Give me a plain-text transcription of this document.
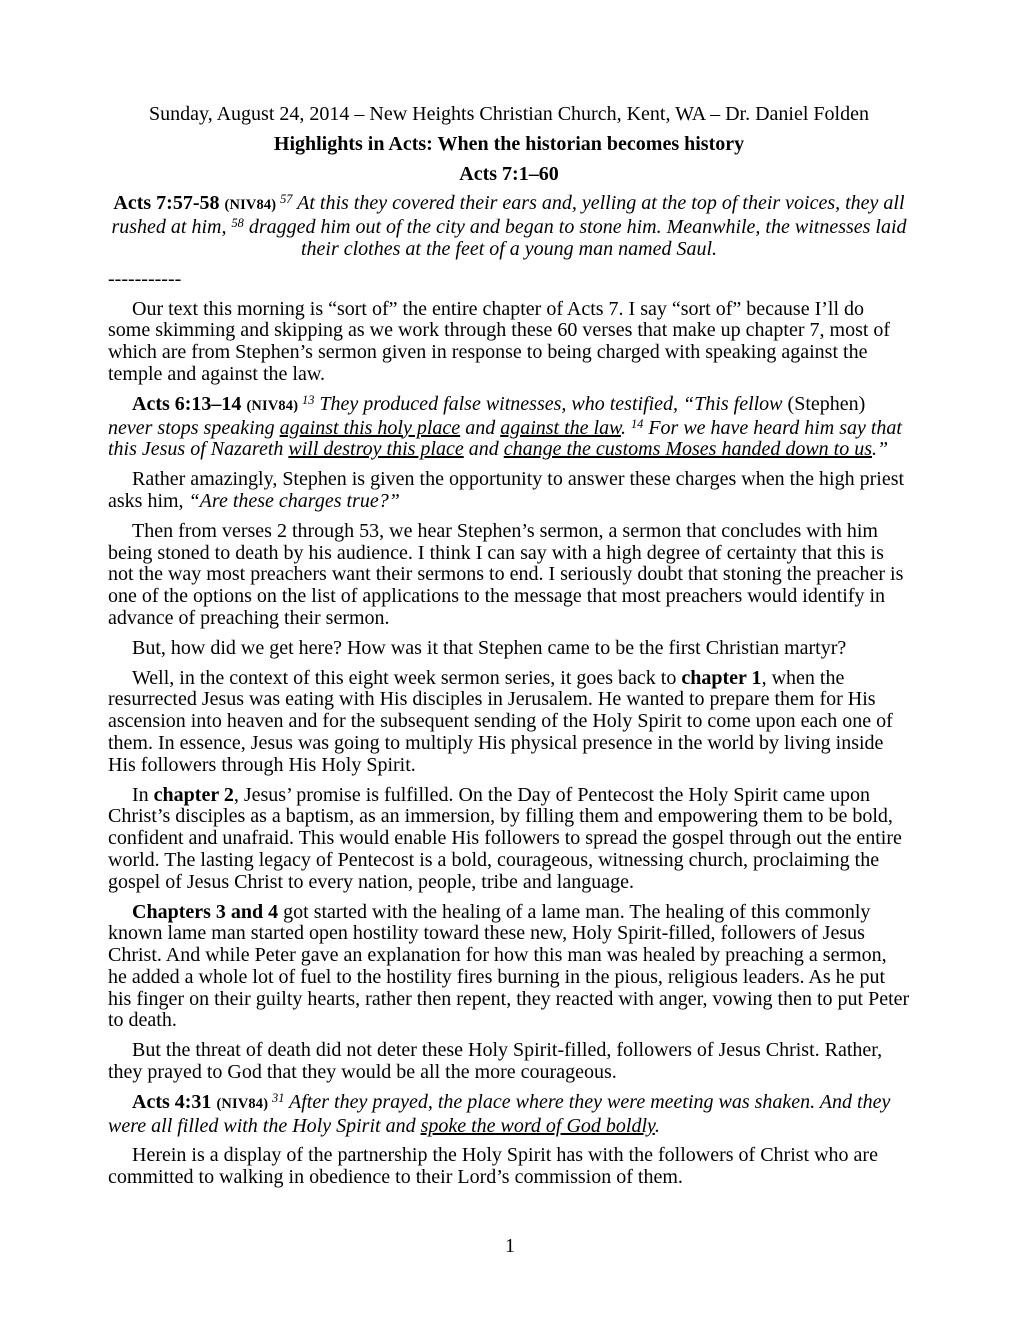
Sunday, August 24, 2014 – New Heights Christian Church, Kent, WA – Dr. Daniel Folden

Highlights in Acts: When the historian becomes history

Acts 7:1–60

Acts 7:57-58 (NIV84) $^{57}$ At this they covered their ears and, yelling at the top of their voices, they all rushed at him, $^{58}$ dragged him out of the city and began to stone him. Meanwhile, the witnesses laid their clothes at the feet of a young man named Saul.

-----------

Our text this morning is “sort of” the entire chapter of Acts 7. I say “sort of” because I’ll do some skimming and skipping as we work through these 60 verses that make up chapter 7, most of which are from Stephen’s sermon given in response to being charged with speaking against the temple and against the law.

Acts 6:13–14 (NIV84) $^{13}$ They produced false witnesses, who testified, “This fellow (Stephen) never stops speaking against this holy place and against the law. $^{14}$ For we have heard him say that this Jesus of Nazareth will destroy this place and change the customs Moses handed down to us.”

Rather amazingly, Stephen is given the opportunity to answer these charges when the high priest asks him, “Are these charges true?”

Then from verses 2 through 53, we hear Stephen’s sermon, a sermon that concludes with him being stoned to death by his audience. I think I can say with a high degree of certainty that this is not the way most preachers want their sermons to end. I seriously doubt that stoning the preacher is one of the options on the list of applications to the message that most preachers would identify in advance of preaching their sermon.

But, how did we get here? How was it that Stephen came to be the first Christian martyr?

Well, in the context of this eight week sermon series, it goes back to chapter 1, when the resurrected Jesus was eating with His disciples in Jerusalem. He wanted to prepare them for His ascension into heaven and for the subsequent sending of the Holy Spirit to come upon each one of them. In essence, Jesus was going to multiply His physical presence in the world by living inside His followers through His Holy Spirit.

In chapter 2, Jesus’ promise is fulfilled. On the Day of Pentecost the Holy Spirit came upon Christ’s disciples as a baptism, as an immersion, by filling them and empowering them to be bold, confident and unafraid. This would enable His followers to spread the gospel through out the entire world. The lasting legacy of Pentecost is a bold, courageous, witnessing church, proclaiming the gospel of Jesus Christ to every nation, people, tribe and language.

Chapters 3 and 4 got started with the healing of a lame man. The healing of this commonly known lame man started open hostility toward these new, Holy Spirit-filled, followers of Jesus Christ. And while Peter gave an explanation for how this man was healed by preaching a sermon, he added a whole lot of fuel to the hostility fires burning in the pious, religious leaders. As he put his finger on their guilty hearts, rather then repent, they reacted with anger, vowing then to put Peter to death.

But the threat of death did not deter these Holy Spirit-filled, followers of Jesus Christ. Rather, they prayed to God that they would be all the more courageous.

Acts 4:31 (NIV84) $^{31}$ After they prayed, the place where they were meeting was shaken. And they were all filled with the Holy Spirit and spoke the word of God boldly.

Herein is a display of the partnership the Holy Spirit has with the followers of Christ who are committed to walking in obedience to their Lord’s commission of them.

1
